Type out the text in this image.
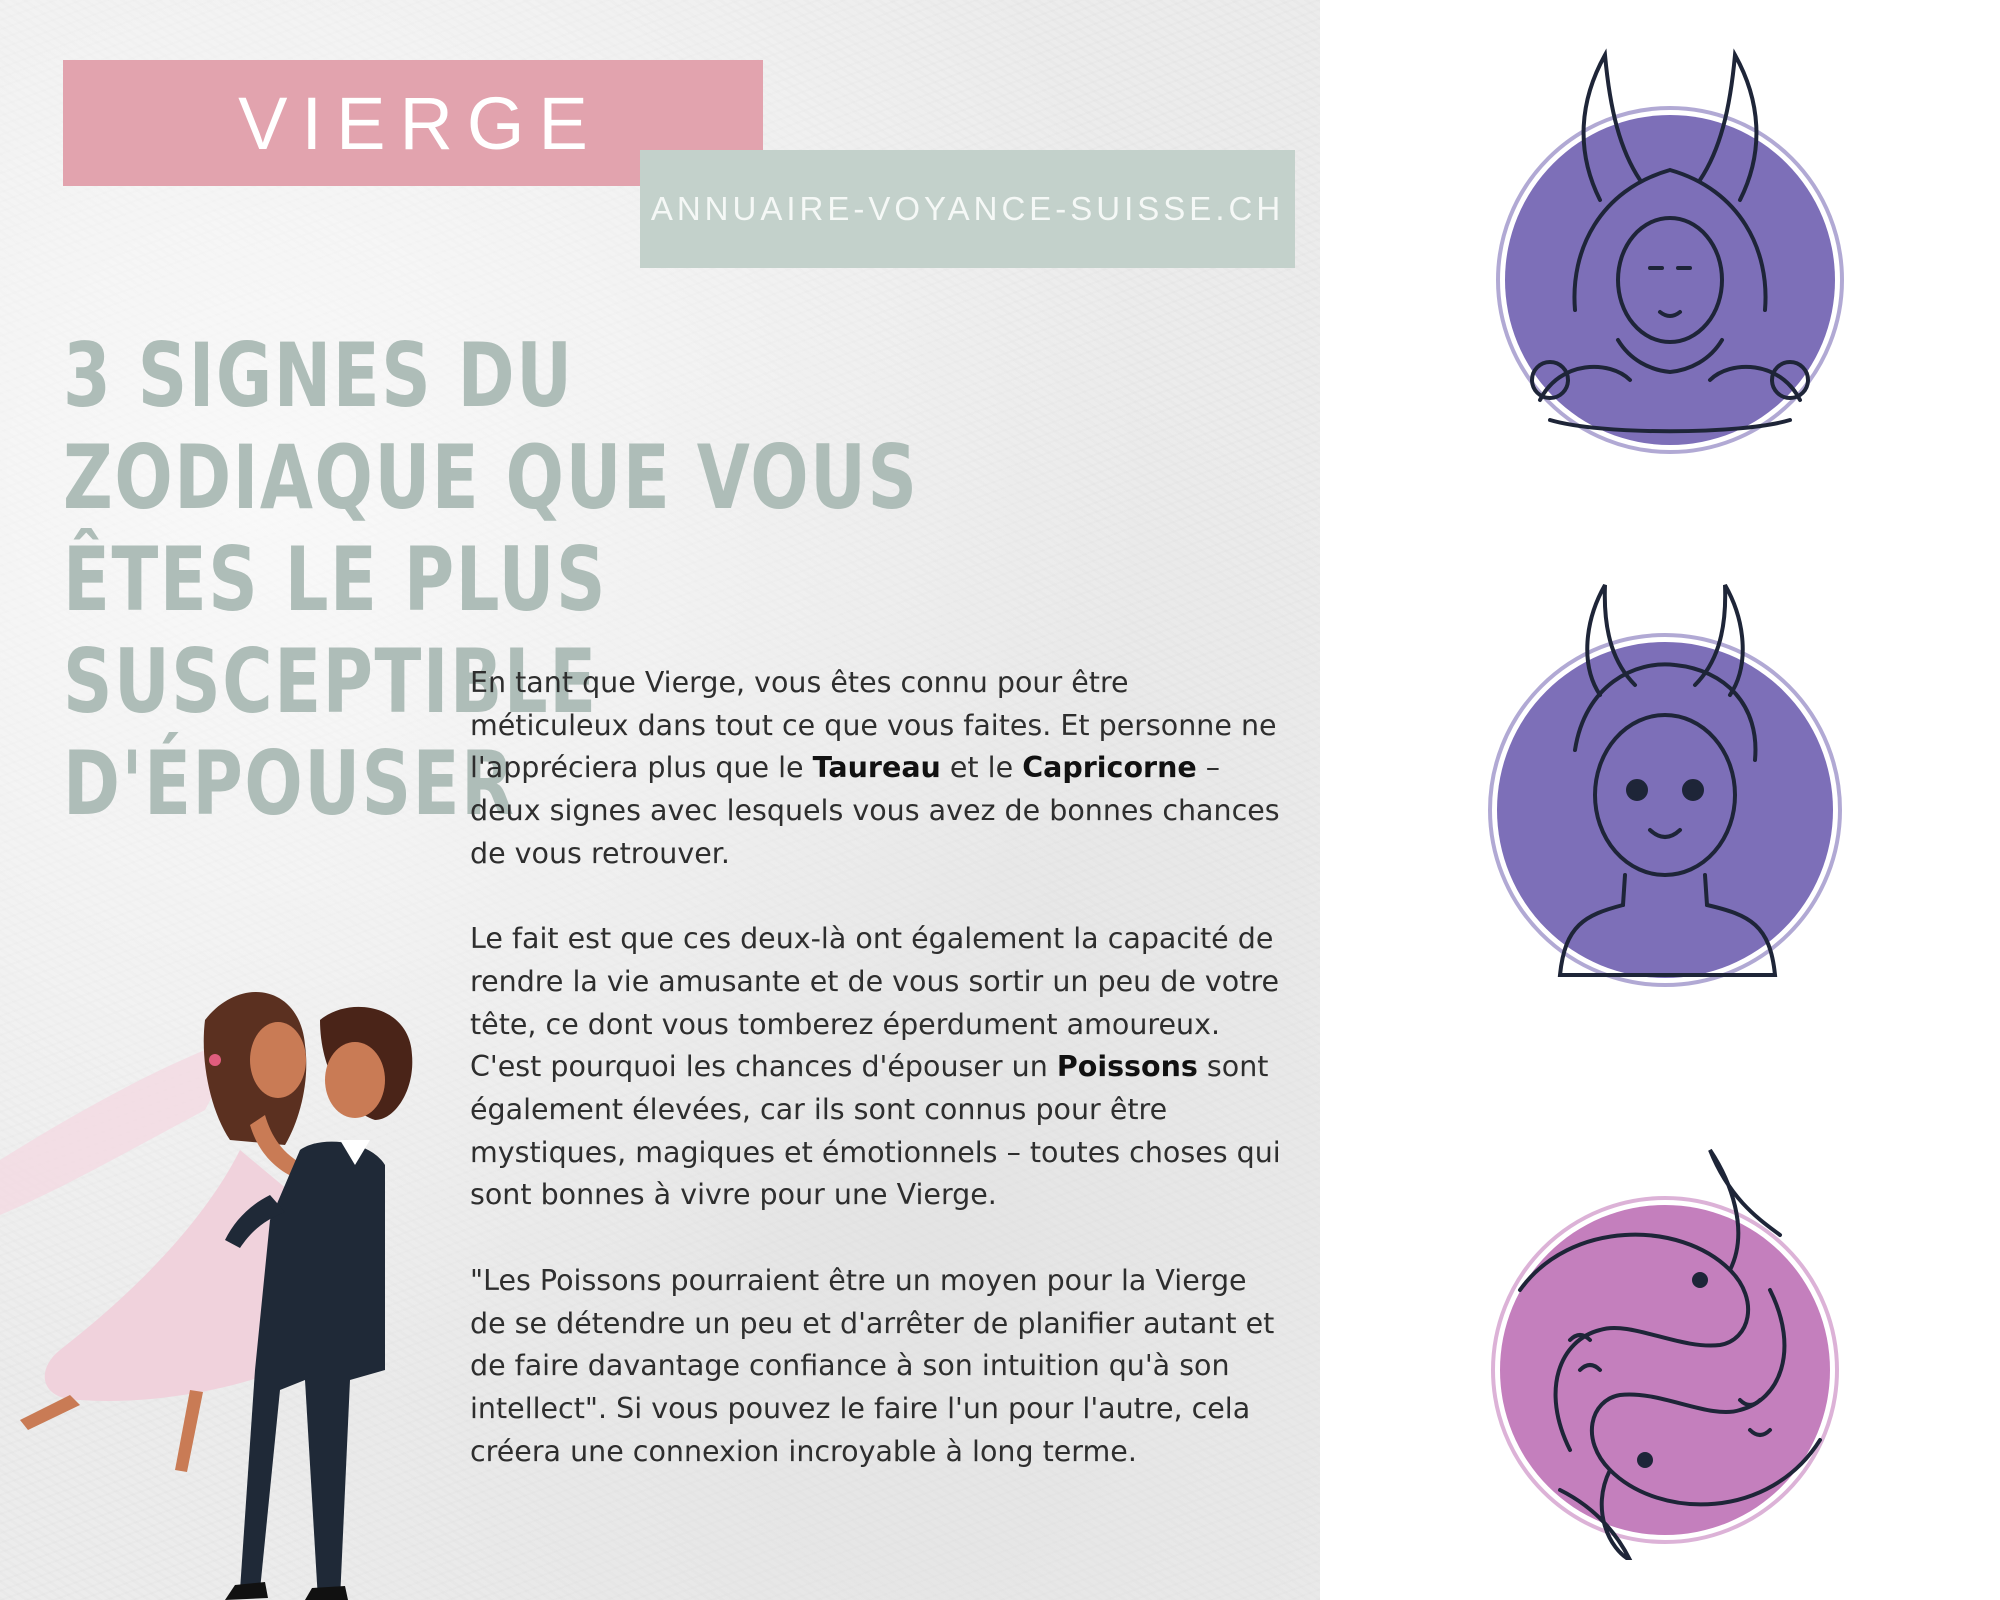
VIERGE
ANNUAIRE-VOYANCE-SUISSE.CH
3 SIGNES DU ZODIAQUE QUE VOUS ÊTES LE PLUS SUSCEPTIBLE D'ÉPOUSER

En tant que Vierge, vous êtes connu pour être méticuleux dans tout ce que vous faites. Et personne ne l'appréciera plus que le Taureau et le Capricorne – deux signes avec lesquels vous avez de bonnes chances de vous retrouver.

Le fait est que ces deux-là ont également la capacité de rendre la vie amusante et de vous sortir un peu de votre tête, ce dont vous tomberez éperdument amoureux. C'est pourquoi les chances d'épouser un Poissons sont également élevées, car ils sont connus pour être mystiques, magiques et émotionnels – toutes choses qui sont bonnes à vivre pour une Vierge.

"Les Poissons pourraient être un moyen pour la Vierge de se détendre un peu et d'arrêter de planifier autant et de faire davantage confiance à son intuition qu'à son intellect". Si vous pouvez le faire l'un pour l'autre, cela créera une connexion incroyable à long terme.
